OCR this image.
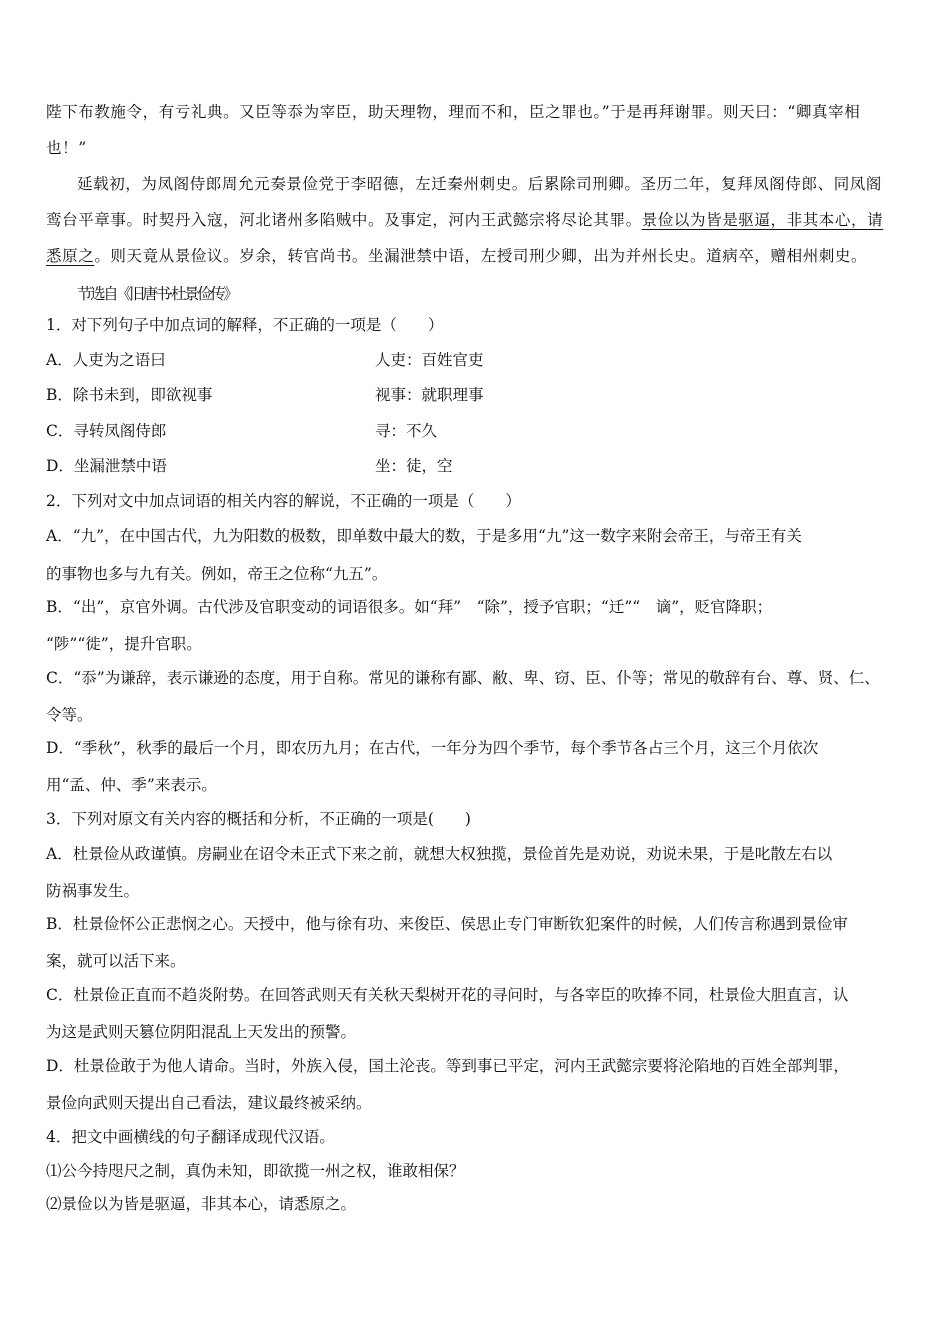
陛下布教施令，有亏礼典。又臣等忝为宰臣，助天理物，理而不和，臣之罪也。”于是再拜谢罪。则天曰：“卿真宰相
也！”
延载初，为凤阁侍郎周允元奏景俭党于李昭德，左迁秦州刺史。后累除司刑卿。圣历二年，复拜凤阁侍郎、同凤阁
鸾台平章事。时契丹入寇，河北诸州多陷贼中。及事定，河内王武懿宗将尽论其罪。景俭以为皆是驱逼，非其本心，请
悉原之。则天竟从景俭议。岁余，转官尚书。坐漏泄禁中语，左授司刑少卿，出为并州长史。道病卒，赠相州刺史。
节选自《旧唐书·杜景俭传》
1．对下列句子中加点词的解释，不正确的一项是（　　）
A．人吏为之语曰	人吏：百姓官吏
B．除书未到，即欲视事	视事：就职理事
C．寻转凤阁侍郎	寻：不久
D．坐漏泄禁中语	坐：徒，空
2．下列对文中加点词语的相关内容的解说，不正确的一项是（　　）
A．“九”，在中国古代，九为阳数的极数，即单数中最大的数，于是多用“九”这一数字来附会帝王，与帝王有关
的事物也多与九有关。例如，帝王之位称“九五”。
B．“出”，京官外调。古代涉及官职变动的词语很多。如“拜”　“除”，授予官职；“迁”“　谪”，贬官降职；
“陟”“徙”，提升官职。
C．“忝”为谦辞，表示谦逊的态度，用于自称。常见的谦称有鄙、敝、卑、窃、臣、仆等；常见的敬辞有台、尊、贤、仁、
令等。
D．“季秋”，秋季的最后一个月，即农历九月；在古代，一年分为四个季节，每个季节各占三个月，这三个月依次
用“孟、仲、季”来表示。
3．下列对原文有关内容的概括和分析，不正确的一项是(　　)
A．杜景俭从政谨慎。房嗣业在诏令未正式下来之前，就想大权独揽，景俭首先是劝说，劝说未果，于是叱散左右以
防祸事发生。
B．杜景俭怀公正悲悯之心。天授中，他与徐有功、来俊臣、侯思止专门审断钦犯案件的时候，人们传言称遇到景俭审
案，就可以活下来。
C．杜景俭正直而不趋炎附势。在回答武则天有关秋天梨树开花的寻问时，与各宰臣的吹捧不同，杜景俭大胆直言，认
为这是武则天篡位阴阳混乱上天发出的预警。
D．杜景俭敢于为他人请命。当时，外族入侵，国土沦丧。等到事已平定，河内王武懿宗要将沦陷地的百姓全部判罪，
景俭向武则天提出自己看法，建议最终被采纳。
4．把文中画横线的句子翻译成现代汉语。
⑴公今持咫尺之制，真伪未知，即欲揽一州之权，谁敢相保？
⑵景俭以为皆是驱逼，非其本心，请悉原之。
